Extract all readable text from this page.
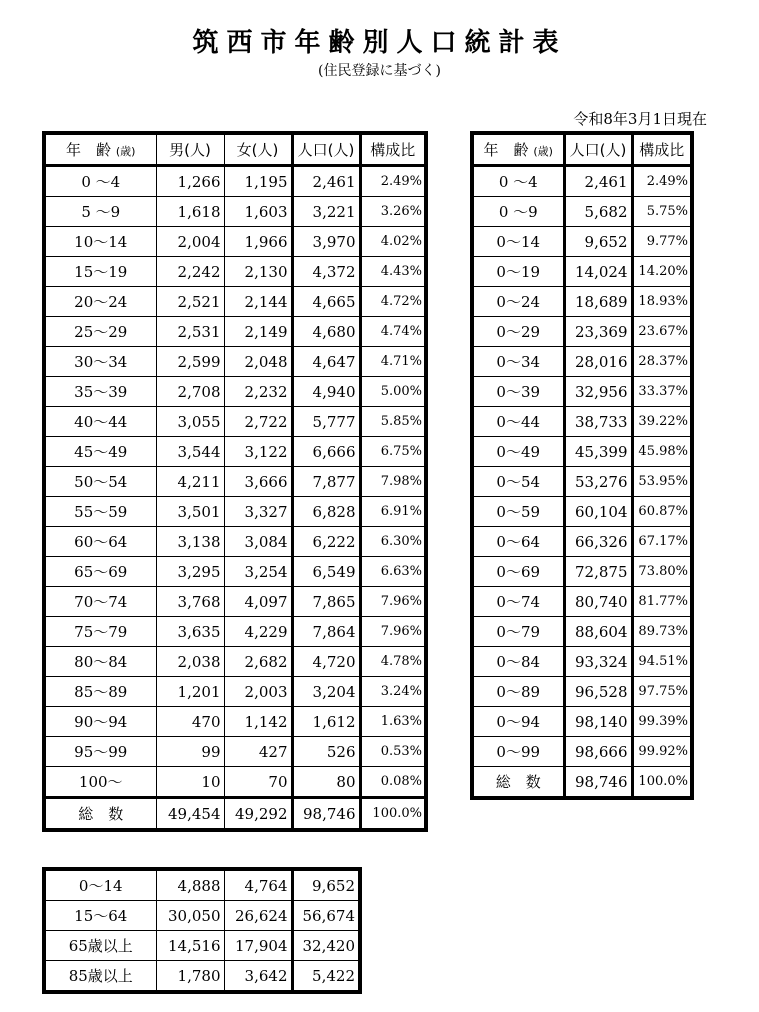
筑西市年齢別人口統計表
(住民登録に基づく)
令和8年3月1日現在
年　齢 (歳)	男(人)	女(人)	人口(人)	構成比
0 ～4	1,266	1,195	2,461	2.49%
5 ～9	1,618	1,603	3,221	3.26%
10～14	2,004	1,966	3,970	4.02%
15～19	2,242	2,130	4,372	4.43%
20～24	2,521	2,144	4,665	4.72%
25～29	2,531	2,149	4,680	4.74%
30～34	2,599	2,048	4,647	4.71%
35～39	2,708	2,232	4,940	5.00%
40～44	3,055	2,722	5,777	5.85%
45～49	3,544	3,122	6,666	6.75%
50～54	4,211	3,666	7,877	7.98%
55～59	3,501	3,327	6,828	6.91%
60～64	3,138	3,084	6,222	6.30%
65～69	3,295	3,254	6,549	6.63%
70～74	3,768	4,097	7,865	7.96%
75～79	3,635	4,229	7,864	7.96%
80～84	2,038	2,682	4,720	4.78%
85～89	1,201	2,003	3,204	3.24%
90～94	470	1,142	1,612	1.63%
95～99	99	427	526	0.53%
100～	10	70	80	0.08%
総　数	49,454	49,292	98,746	100.0%
年　齢 (歳)	人口(人)	構成比
0 ～4	2,461	2.49%
0 ～9	5,682	5.75%
0～14	9,652	9.77%
0～19	14,024	14.20%
0～24	18,689	18.93%
0～29	23,369	23.67%
0～34	28,016	28.37%
0～39	32,956	33.37%
0～44	38,733	39.22%
0～49	45,399	45.98%
0～54	53,276	53.95%
0～59	60,104	60.87%
0～64	66,326	67.17%
0～69	72,875	73.80%
0～74	80,740	81.77%
0～79	88,604	89.73%
0～84	93,324	94.51%
0～89	96,528	97.75%
0～94	98,140	99.39%
0～99	98,666	99.92%
総　数	98,746	100.0%
0～14	4,888	4,764	9,652
15～64	30,050	26,624	56,674
65歳以上	14,516	17,904	32,420
85歳以上	1,780	3,642	5,422
